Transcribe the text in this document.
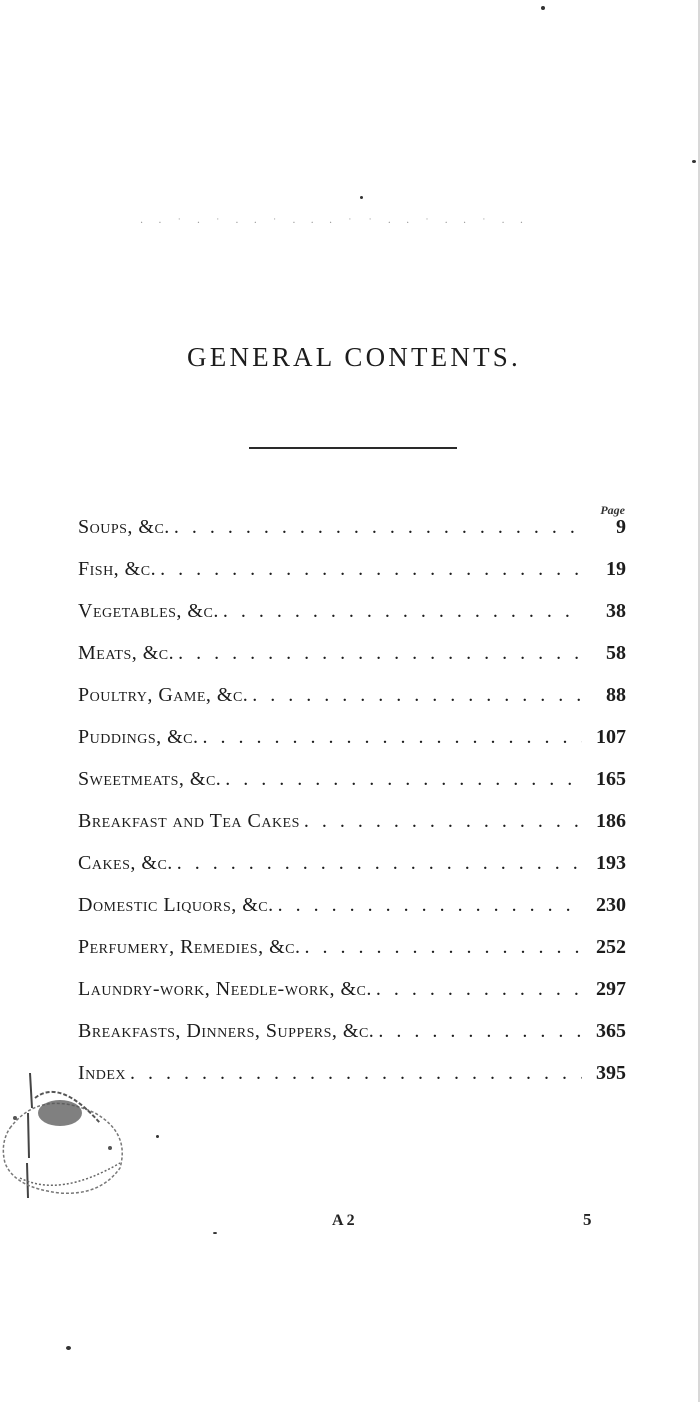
· · ˙ · ˙ · · ˙ · · · ˙ ˙ · · ˙ · · ˙ · ·
GENERAL CONTENTS.
Page
Soups, &c. . . .	9
Fish, &c. . . .	19
Vegetables, &c. . . .	38
Meats, &c. . . .	58
Poultry, Game, &c. . . .	88
Puddings, &c. . . .	107
Sweetmeats, &c. . . .	165
Breakfast and Tea Cakes . . .	186
Cakes, &c. . . .	193
Domestic Liquors, &c. . . .	230
Perfumery, Remedies, &c. . . .	252
Laundry-work, Needle-work, &c. . . .	297
Breakfasts, Dinners, Suppers, &c. . . .	365
Index . . .	395
A 2	5
